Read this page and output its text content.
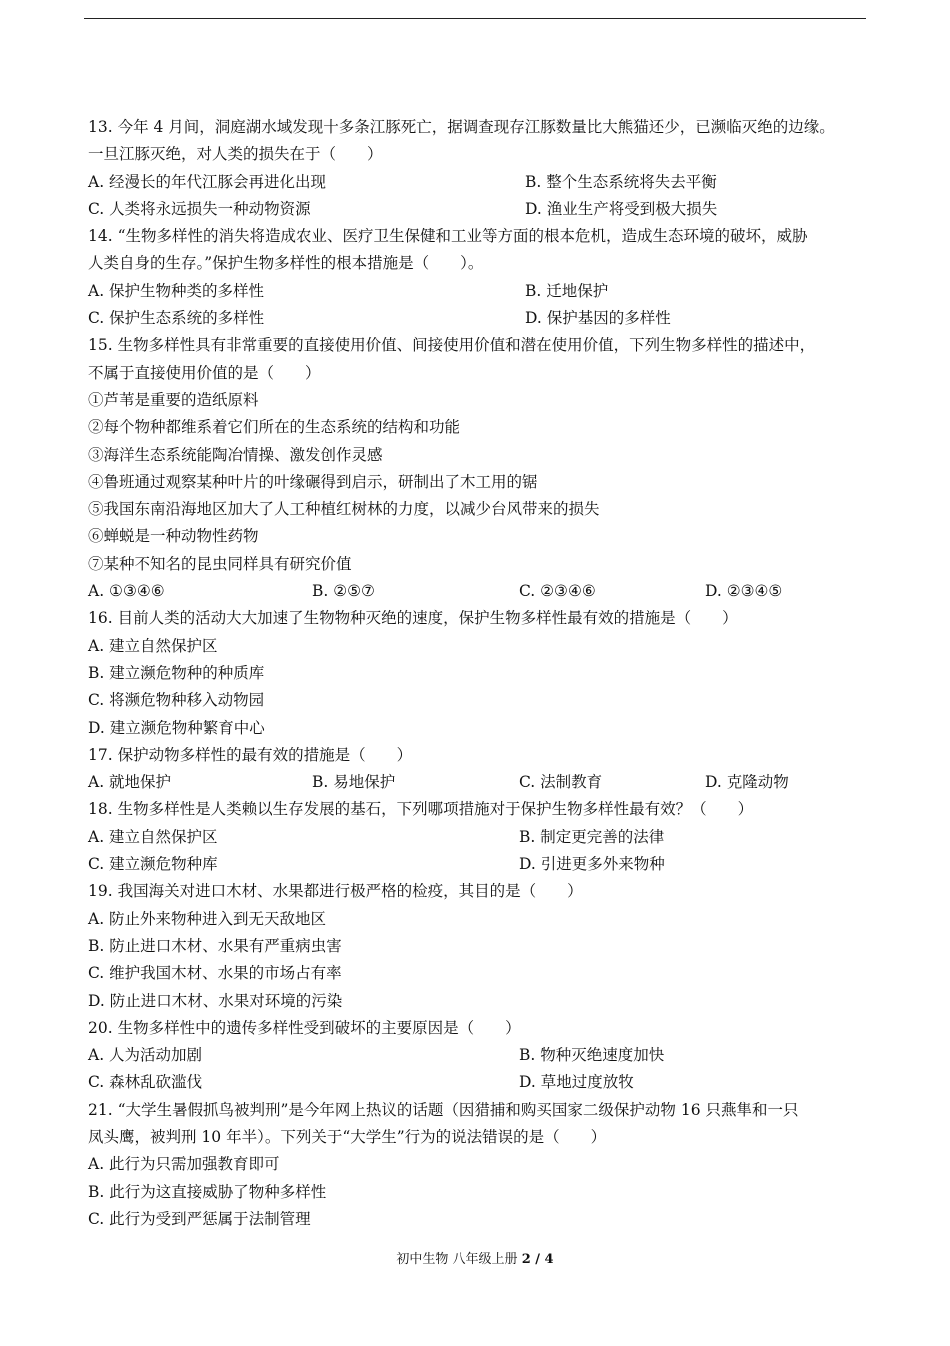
13. 今年 4 月间，洞庭湖水域发现十多条江豚死亡，据调查现存江豚数量比大熊猫还少，已濒临灭绝的边缘。
一旦江豚灭绝，对人类的损失在于（　　）
A. 经漫长的年代江豚会再进化出现	B. 整个生态系统将失去平衡
C. 人类将永远损失一种动物资源	D. 渔业生产将受到极大损失
14. “生物多样性的消失将造成农业、医疗卫生保健和工业等方面的根本危机，造成生态环境的破坏，威胁
人类自身的生存。”保护生物多样性的根本措施是（　　）。
A. 保护生物种类的多样性	B. 迁地保护
C. 保护生态系统的多样性	D. 保护基因的多样性
15. 生物多样性具有非常重要的直接使用价值、间接使用价值和潜在使用价值，下列生物多样性的描述中，
不属于直接使用价值的是（　　）
①芦苇是重要的造纸原料
②每个物种都维系着它们所在的生态系统的结构和功能
③海洋生态系统能陶冶情操、激发创作灵感
④鲁班通过观察某种叶片的叶缘碾得到启示，研制出了木工用的锯
⑤我国东南沿海地区加大了人工种植红树林的力度，以减少台风带来的损失
⑥蝉蜕是一种动物性药物
⑦某种不知名的昆虫同样具有研究价值
A. ①③④⑥	B. ②⑤⑦	C. ②③④⑥	D. ②③④⑤
16. 目前人类的活动大大加速了生物物种灭绝的速度，保护生物多样性最有效的措施是（　　）
A. 建立自然保护区
B. 建立濒危物种的种质库
C. 将濒危物种移入动物园
D. 建立濒危物种繁育中心
17. 保护动物多样性的最有效的措施是（　　）
A. 就地保护	B. 易地保护	C. 法制教育	D. 克隆动物
18. 生物多样性是人类赖以生存发展的基石，下列哪项措施对于保护生物多样性最有效？（　　）
A. 建立自然保护区	B. 制定更完善的法律
C. 建立濒危物种库	D. 引进更多外来物种
19. 我国海关对进口木材、水果都进行极严格的检疫，其目的是（　　）
A. 防止外来物种进入到无天敌地区
B. 防止进口木材、水果有严重病虫害
C. 维护我国木材、水果的市场占有率
D. 防止进口木材、水果对环境的污染
20. 生物多样性中的遗传多样性受到破坏的主要原因是（　　）
A. 人为活动加剧	B. 物种灭绝速度加快
C. 森林乱砍滥伐	D. 草地过度放牧
21. “大学生暑假抓鸟被判刑”是今年网上热议的话题（因猎捕和购买国家二级保护动物 16 只燕隼和一只
凤头鹰，被判刑 10 年半）。下列关于“大学生”行为的说法错误的是（　　）
A. 此行为只需加强教育即可
B. 此行为这直接威胁了物种多样性
C. 此行为受到严惩属于法制管理
初中生物 八年级上册 2 / 4
